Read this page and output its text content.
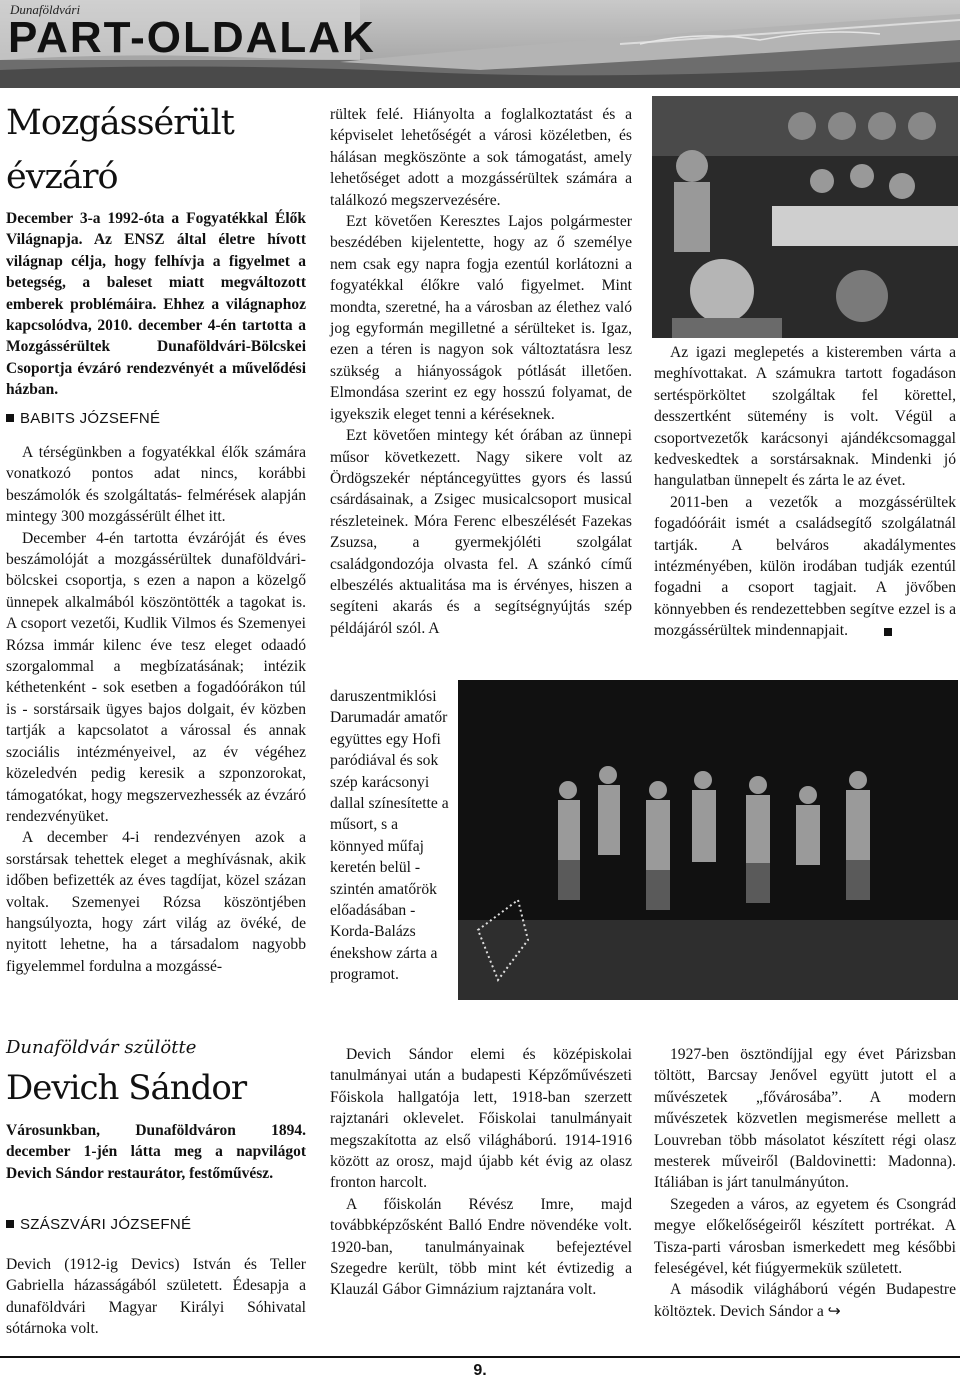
Dunaföldvári
PART-OLDALAK
Mozgássérült
évzáró
December 3-a 1992-óta a Fogyatékkal Élők Világnapja. Az ENSZ által életre hívott világnap célja, hogy felhívja a figyelmet a betegség, a baleset miatt megváltozott emberek problémáira. Ehhez a világnaphoz kapcsolódva, 2010. december 4-én tartotta a Mozgássérültek Dunaföldvári-Bölcskei Csoportja évzáró rendezvényét a művelődési házban.
BABITS JÓZSEFNÉ

A térségünkben a fogyatékkal élők számára vonatkozó pontos adat nincs, korábbi beszámolók és szolgáltatás- felmérések alapján mintegy 300 mozgássérült élhet itt.

December 4-én tartotta évzáróját és éves beszámolóját a mozgássérültek dunaföldvári-bölcskei csoportja, s ezen a napon a közelgő ünnepek alkalmából köszöntötték a tagokat is. A csoport vezetői, Kudlik Vilmos és Szemenyei Rózsa immár kilenc éve tesz eleget odaadó szorgalommal a megbízatásának; intézik kéthetenként - sok esetben a fogadóórákon túl is - sorstársaik ügyes bajos dolgait, év közben tartják a kapcsolatot a várossal és annak szociális intézményeivel, az év végéhez közeledvén pedig keresik a szponzorokat, támogatókat, hogy megszervezhessék az évzáró rendezvényüket.

A december 4-i rendezvényen azok a sorstársak tehettek eleget a meghívásnak, akik időben befizették az éves tagdíjat, közel százan voltak. Szemenyei Rózsa köszöntjében hangsúlyozta, hogy zárt világ az övéké, de nyitott lehetne, ha a társadalom nagyobb figyelemmel fordulna a mozgássé-

rültek felé. Hiányolta a foglalkoztatást és a képviselet lehetőségét a városi közéletben, és hálásan megköszönte a sok támogatást, amely lehetőséget adott a mozgássérültek számára a találkozó megszervezésére.

Ezt követően Keresztes Lajos polgármester beszédében kijelentette, hogy az ő személye nem csak egy napra fogja ezentúl korlátozni a fogyatékkal élőkre való figyelmet. Mint mondta, szeretné, ha a városban az élethez való jog egyformán megilletné a sérülteket is. Igaz, ezen a téren is nagyon sok változtatásra lesz szükség a hiányosságok pótlását illetően. Elmondása szerint ez egy hosszú folyamat, de igyekszik eleget tenni a kéréseknek.

Ezt követően mintegy két órában az ünnepi műsor következett. Nagy sikere volt az Ördögszekér néptáncegyüttes gyors és lassú csárdásainak, a Zsigec musicalcsoport musical részleteinek. Móra Ferenc elbeszélését Fazekas Zsuzsa, a gyermekjóléti szolgálat családgondozója olvasta fel. A szánkó című elbeszélés aktualitása ma is érvényes, hiszen a segíteni akarás és a segítségnyújtás szép példájáról szól. A

daruszentmiklósi Darumadár amatőr együttes egy Hofi paródiával és sok szép karácsonyi dallal színesítette a műsort, s a könnyed műfaj keretén belül - szintén amatőrök előadásában - Korda-Balázs énekshow zárta a programot.

Az igazi meglepetés a kisteremben várta a meghívottakat. A számukra tartott fogadáson sertéspörköltet szolgáltak fel körettel, desszertként sütemény is volt. Végül a csoportvezetők karácsonyi ajándékcsomaggal kedveskedtek a sorstársaknak. Mindenki jó hangulatban ünnepelt és zárta le az évet.

2011-ben a vezetők a mozgássérültek fogadóóráit ismét a családsegítő szolgálatnál tartják. A belváros akadálymentes intézményében, külön irodában tudják ezentúl fogadni a csoport tagjait. A jövőben könnyebben és rendezettebben segítve ezzel is a mozgássérültek mindennapjait.

Dunaföldvár szülötte
Devich Sándor
Városunkban, Dunaföldváron 1894. december 1-jén látta meg a napvilágot Devich Sándor restaurátor, festőművész.
SZÁSZVÁRI JÓZSEFNÉ

Devich (1912-ig Devics) István és Teller Gabriella házasságából született. Édesapja a dunaföldvári Magyar Királyi Sóhivatal sótárnoka volt.

Devich Sándor elemi és középiskolai tanulmányai után a budapesti Képzőművészeti Főiskola hallgatója lett, 1918-ban szerzett rajztanári oklevelet. Főiskolai tanulmányait megszakította az első világháború. 1914-1916 között az orosz, majd újabb két évig az olasz fronton harcolt.

A főiskolán Révész Imre, majd továbbképzősként Balló Endre növendéke volt. 1920-ban, tanulmányainak befejeztével Szegedre került, több mint két évtizedig a Klauzál Gábor Gimnázium rajztanára volt.

1927-ben ösztöndíjjal egy évet Párizsban töltött, Barcsay Jenővel együtt jutott el a művészetek „fővárosába”. A modern művészetek közvetlen megismerése mellett a Louvreban több másolatot készített régi olasz mesterek műveiről (Baldovinetti: Madonna). Itáliában is járt tanulmányúton.

Szegeden a város, az egyetem és Csongrád megye előkelőségeiről készített portrékat. A Tisza-parti városban ismerkedett meg későbbi feleségével, két fiúgyermekük született.

A második világháború végén Budapestre költöztek. Devich Sándor a ↪

9.
